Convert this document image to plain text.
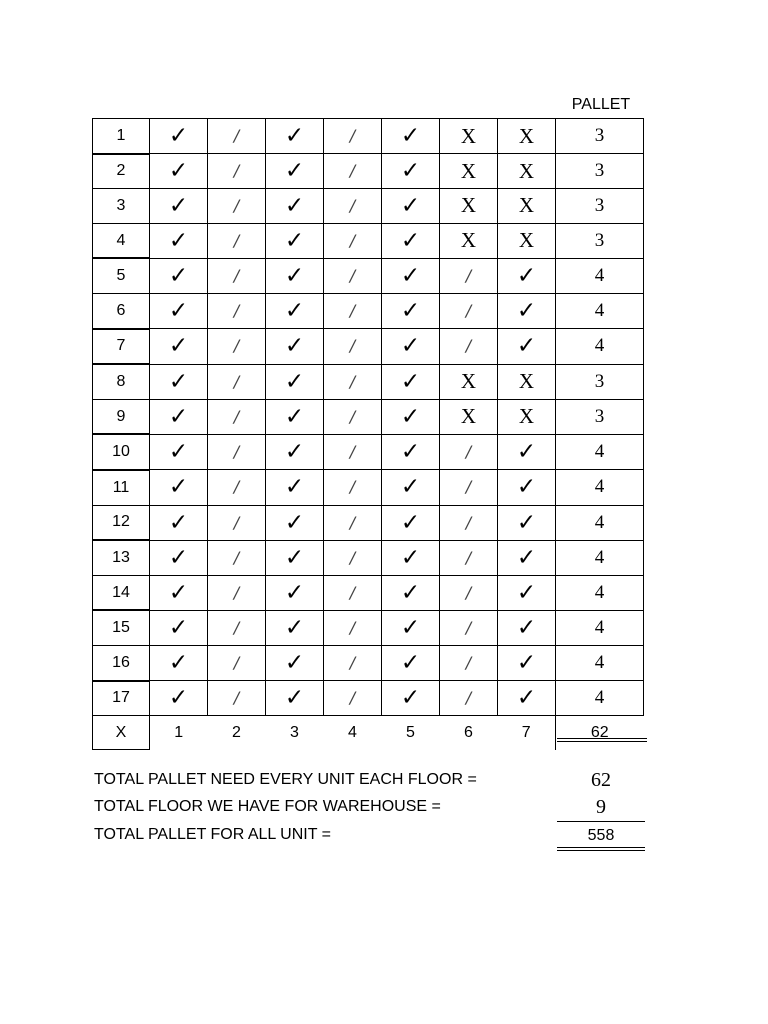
PALLET
1	✓	/	✓	/	✓	X	X	3
2	✓	/	✓	/	✓	X	X	3
3	✓	/	✓	/	✓	X	X	3
4	✓	/	✓	/	✓	X	X	3
5	✓	/	✓	/	✓	/	✓	4
6	✓	/	✓	/	✓	/	✓	4
7	✓	/	✓	/	✓	/	✓	4
8	✓	/	✓	/	✓	X	X	3
9	✓	/	✓	/	✓	X	X	3
10	✓	/	✓	/	✓	/	✓	4
11	✓	/	✓	/	✓	/	✓	4
12	✓	/	✓	/	✓	/	✓	4
13	✓	/	✓	/	✓	/	✓	4
14	✓	/	✓	/	✓	/	✓	4
15	✓	/	✓	/	✓	/	✓	4
16	✓	/	✓	/	✓	/	✓	4
17	✓	/	✓	/	✓	/	✓	4
X	1	2	3	4	5	6	7	62
TOTAL PALLET NEED EVERY UNIT EACH FLOOR =	62
TOTAL FLOOR WE HAVE FOR WAREHOUSE =	9
TOTAL PALLET FOR ALL UNIT =	558
